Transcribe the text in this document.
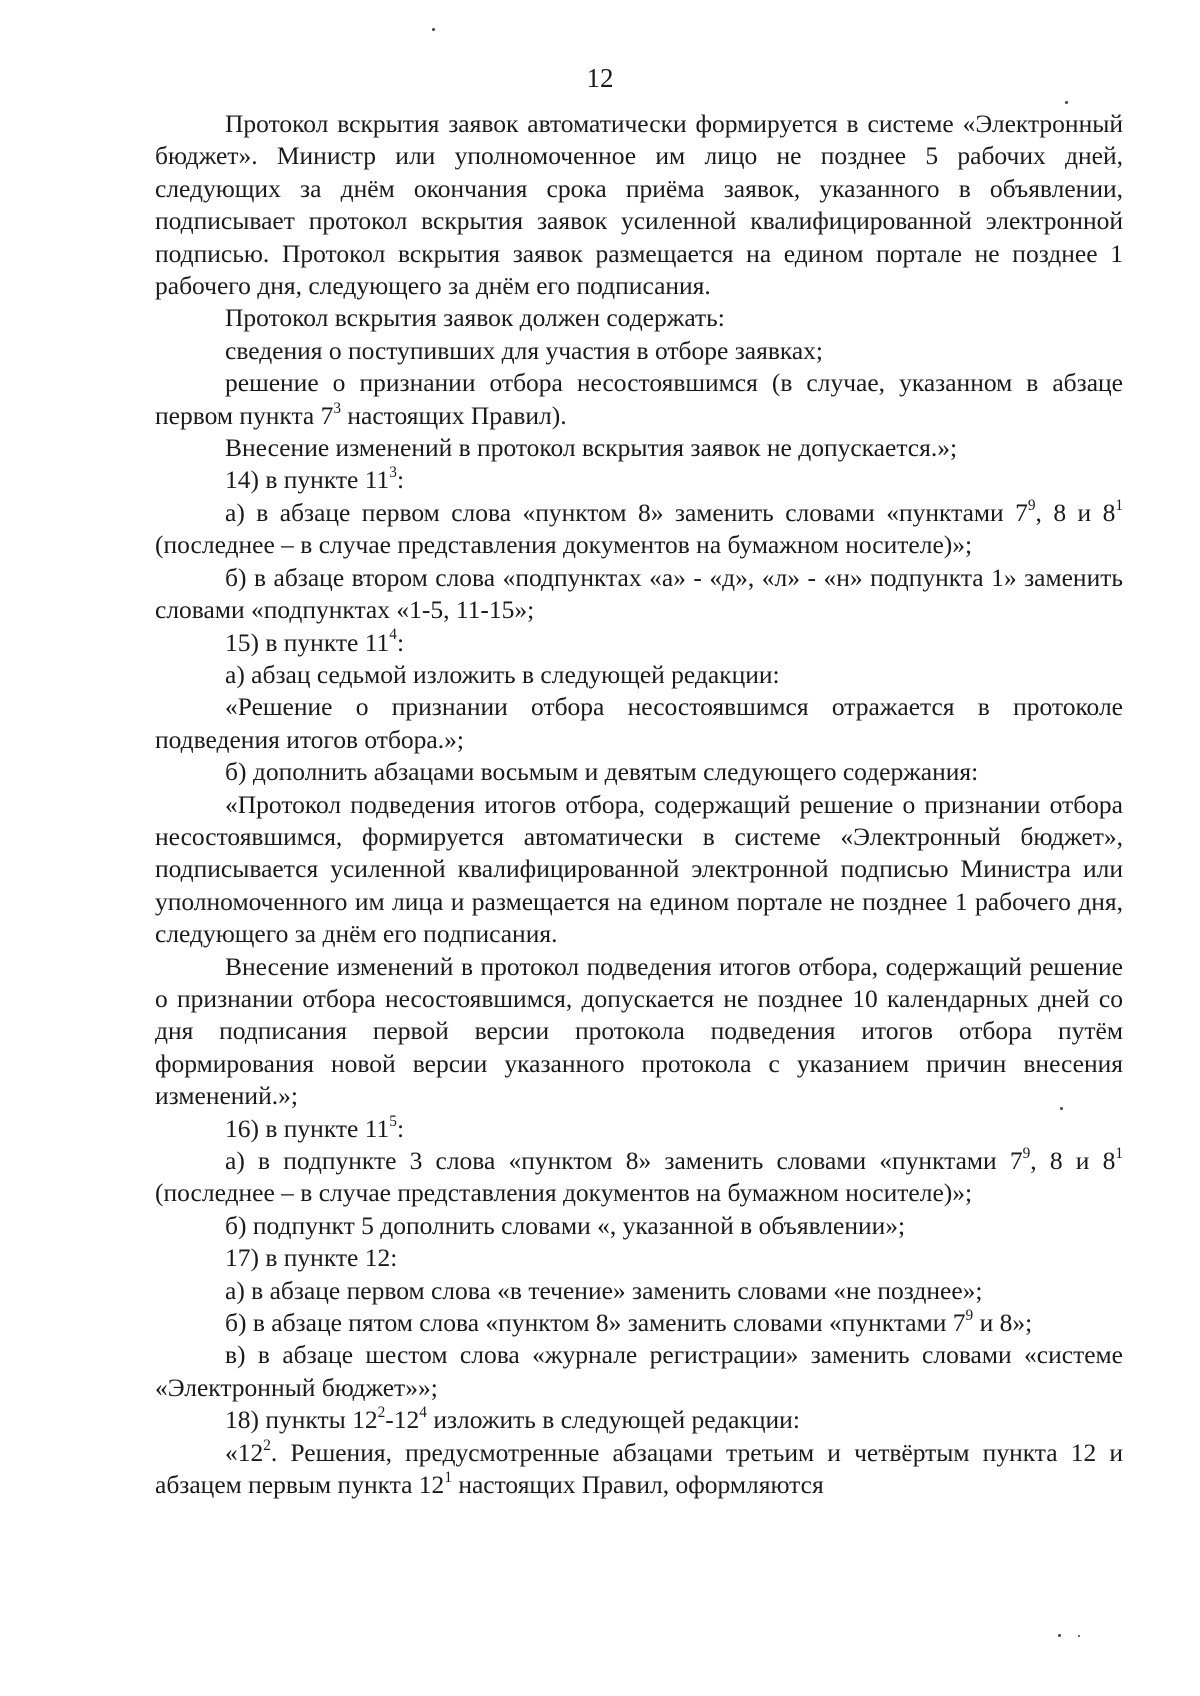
12

Протокол вскрытия заявок автоматически формируется в системе «Электронный бюджет». Министр или уполномоченное им лицо не позднее 5 рабочих дней, следующих за днём окончания срока приёма заявок, указанного в объявлении, подписывает протокол вскрытия заявок усиленной квалифицированной электронной подписью. Протокол вскрытия заявок размещается на едином портале не позднее 1 рабочего дня, следующего за днём его подписания.

Протокол вскрытия заявок должен содержать:

сведения о поступивших для участия в отборе заявках;

решение о признании отбора несостоявшимся (в случае, указанном в абзаце первом пункта $7^3$ настоящих Правил).

Внесение изменений в протокол вскрытия заявок не допускается.»;

14) в пункте $11^3$:

а) в абзаце первом слова «пунктом 8» заменить словами «пунктами $7^9$, 8 и $8^1$ (последнее – в случае представления документов на бумажном носителе)»;

б) в абзаце втором слова «подпунктах «а» - «д», «л» - «н» подпункта 1» заменить словами «подпунктах «1-5, 11-15»;

15) в пункте $11^4$:

а) абзац седьмой изложить в следующей редакции:

«Решение о признании отбора несостоявшимся отражается в протоколе подведения итогов отбора.»;

б) дополнить абзацами восьмым и девятым следующего содержания:

«Протокол подведения итогов отбора, содержащий решение о признании отбора несостоявшимся, формируется автоматически в системе «Электронный бюджет», подписывается усиленной квалифицированной электронной подписью Министра или уполномоченного им лица и размещается на едином портале не позднее 1 рабочего дня, следующего за днём его подписания.

Внесение изменений в протокол подведения итогов отбора, содержащий решение о признании отбора несостоявшимся, допускается не позднее 10 календарных дней со дня подписания первой версии протокола подведения итогов отбора путём формирования новой версии указанного протокола с указанием причин внесения изменений.»;

16) в пункте $11^5$:

а) в подпункте 3 слова «пунктом 8» заменить словами «пунктами $7^9$, 8 и $8^1$ (последнее – в случае представления документов на бумажном носителе)»;

б) подпункт 5 дополнить словами «, указанной в объявлении»;

17) в пункте 12:

а) в абзаце первом слова «в течение» заменить словами «не позднее»;

б) в абзаце пятом слова «пунктом 8» заменить словами «пунктами $7^9$ и 8»;

в) в абзаце шестом слова «журнале регистрации» заменить словами «системе «Электронный бюджет»»;

18) пункты $12^2-12^4$ изложить в следующей редакции:

«$12^2$. Решения, предусмотренные абзацами третьим и четвёртым пункта 12 и абзацем первым пункта $12^1$ настоящих Правил, оформляются
